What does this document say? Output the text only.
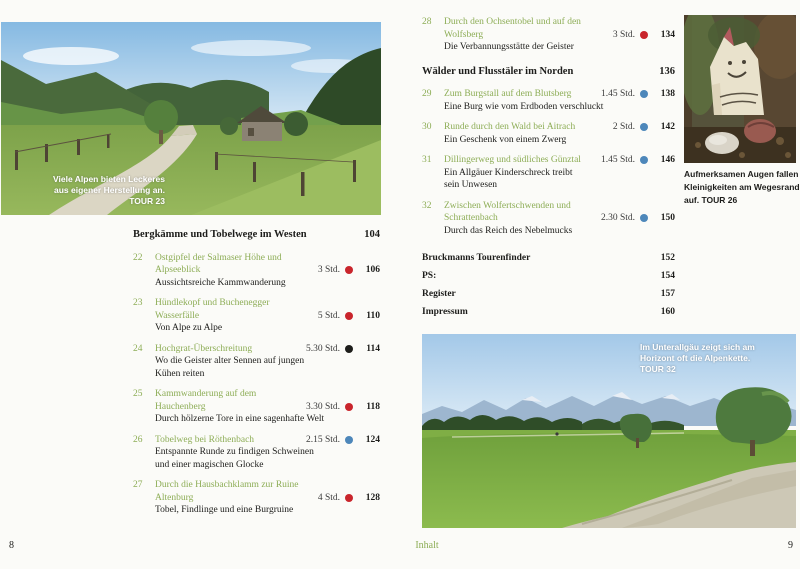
Viele Alpen bieten Leckeres
aus eigener Herstellung an.
TOUR 23
Bergkämme und Tobelwege im Westen	104
22	Ostgipfel der Salmaser Höhe und
Alpseeblick	3 Std.	106
Aussichtsreiche Kammwanderung
23	Hündlekopf und Buchenegger
Wasserfälle	5 Std.	110
Von Alpe zu Alpe
24	Hochgrat-Überschreitung	5.30 Std.	114
Wo die Geister alter Sennen auf jungen
Kühen reiten
25	Kammwanderung auf dem
Hauchenberg	3.30 Std.	118
Durch hölzerne Tore in eine sagenhafte Welt
26	Tobelweg bei Röthenbach	2.15 Std.	124
Entspannte Runde zu findigen Schweinen
und einer magischen Glocke
27	Durch die Hausbachklamm zur Ruine
Altenburg	4 Std.	128
Tobel, Findlinge und eine Burgruine
28	Durch den Ochsentobel und auf den
Wolfsberg	3 Std.	134
Die Verbannungsstätte der Geister
Wälder und Flusstäler im Norden	136
29	Zum Burgstall auf dem Blutsberg	1.45 Std.	138
Eine Burg wie vom Erdboden verschluckt
30	Runde durch den Wald bei Aitrach	2 Std.	142
Ein Geschenk von einem Zwerg
31	Dillingerweg und südliches Günztal	1.45 Std.	146
Ein Allgäuer Kinderschreck treibt
sein Unwesen
32	Zwischen Wolfertschwenden und
Schrattenbach	2.30 Std.	150
Durch das Reich des Nebelmucks
Bruckmanns Tourenfinder	152
PS:	154
Register	157
Impressum	160
Aufmerksamen Augen fallen
Kleinigkeiten am Wegesrand
auf. TOUR 26
Im Unterallgäu zeigt sich am
Horizont oft die Alpenkette.
TOUR 32
8	Inhalt	9
